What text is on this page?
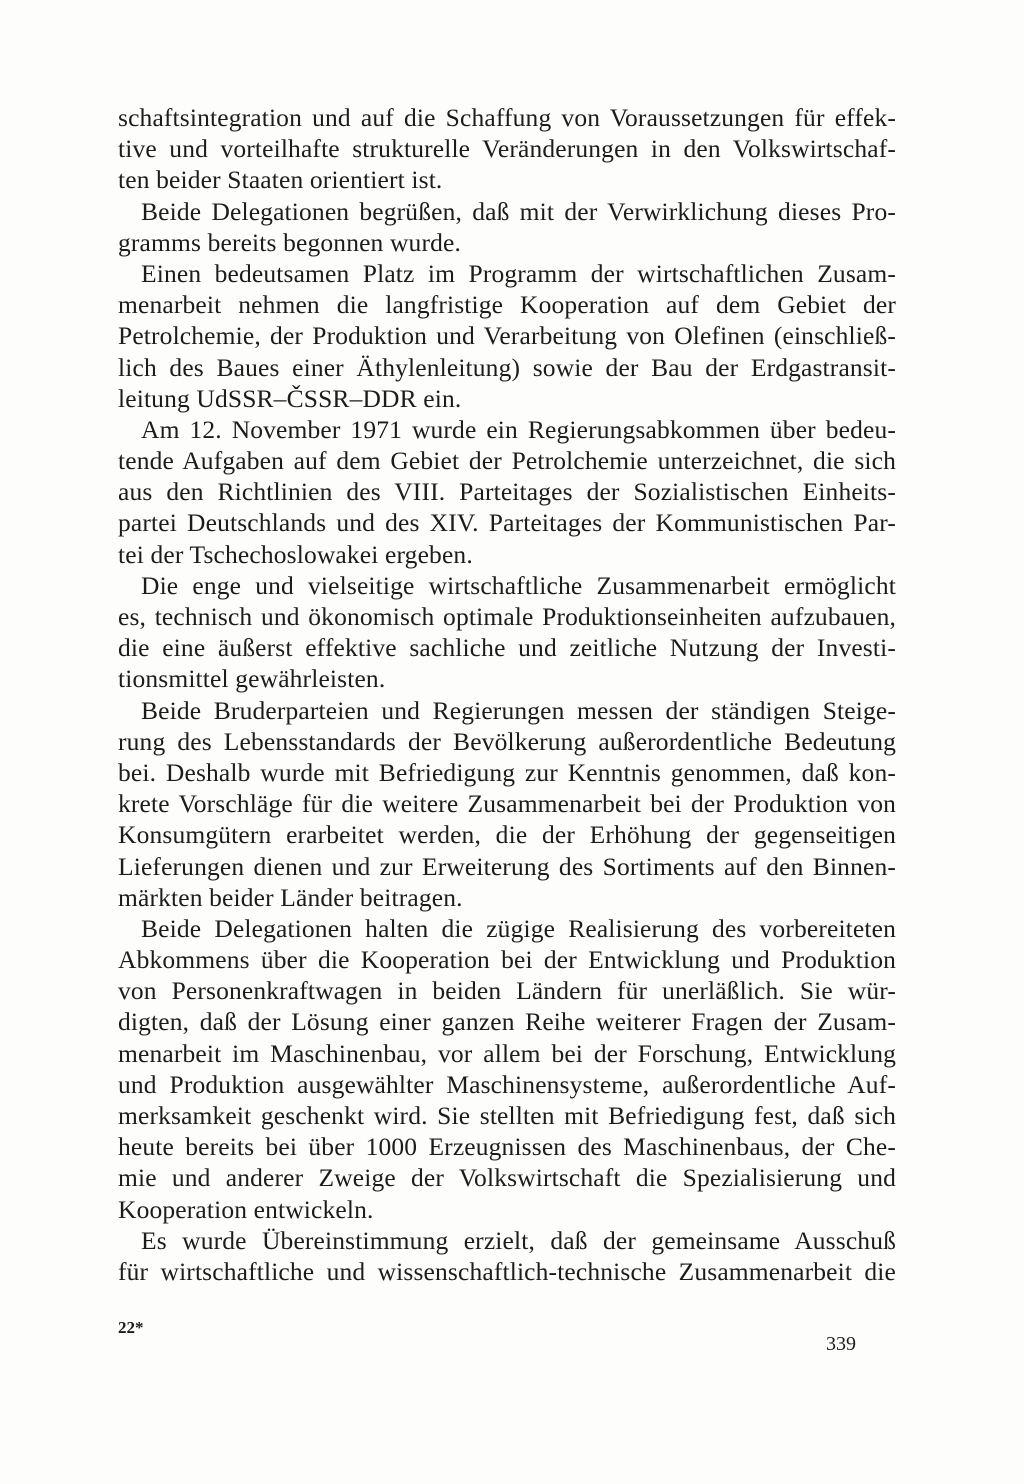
schaftsintegration und auf die Schaffung von Voraussetzungen für effek-
tive und vorteilhafte strukturelle Veränderungen in den Volkswirtschaf-
ten beider Staaten orientiert ist.
Beide Delegationen begrüßen, daß mit der Verwirklichung dieses Pro-
gramms bereits begonnen wurde.
Einen bedeutsamen Platz im Programm der wirtschaftlichen Zusam-
menarbeit nehmen die langfristige Kooperation auf dem Gebiet der
Petrolchemie, der Produktion und Verarbeitung von Olefinen (einschließ-
lich des Baues einer Äthylenleitung) sowie der Bau der Erdgastransit-
leitung UdSSR–ČSSR–DDR ein.
Am 12. November 1971 wurde ein Regierungsabkommen über bedeu-
tende Aufgaben auf dem Gebiet der Petrolchemie unterzeichnet, die sich
aus den Richtlinien des VIII. Parteitages der Sozialistischen Einheits-
partei Deutschlands und des XIV. Parteitages der Kommunistischen Par-
tei der Tschechoslowakei ergeben.
Die enge und vielseitige wirtschaftliche Zusammenarbeit ermöglicht
es, technisch und ökonomisch optimale Produktionseinheiten aufzubauen,
die eine äußerst effektive sachliche und zeitliche Nutzung der Investi-
tionsmittel gewährleisten.
Beide Bruderparteien und Regierungen messen der ständigen Steige-
rung des Lebensstandards der Bevölkerung außerordentliche Bedeutung
bei. Deshalb wurde mit Befriedigung zur Kenntnis genommen, daß kon-
krete Vorschläge für die weitere Zusammenarbeit bei der Produktion von
Konsumgütern erarbeitet werden, die der Erhöhung der gegenseitigen
Lieferungen dienen und zur Erweiterung des Sortiments auf den Binnen-
märkten beider Länder beitragen.
Beide Delegationen halten die zügige Realisierung des vorbereiteten
Abkommens über die Kooperation bei der Entwicklung und Produktion
von Personenkraftwagen in beiden Ländern für unerläßlich. Sie wür-
digten, daß der Lösung einer ganzen Reihe weiterer Fragen der Zusam-
menarbeit im Maschinenbau, vor allem bei der Forschung, Entwicklung
und Produktion ausgewählter Maschinensysteme, außerordentliche Auf-
merksamkeit geschenkt wird. Sie stellten mit Befriedigung fest, daß sich
heute bereits bei über 1000 Erzeugnissen des Maschinenbaus, der Che-
mie und anderer Zweige der Volkswirtschaft die Spezialisierung und
Kooperation entwickeln.
Es wurde Übereinstimmung erzielt, daß der gemeinsame Ausschuß
für wirtschaftliche und wissenschaftlich-technische Zusammenarbeit die
22*
339
